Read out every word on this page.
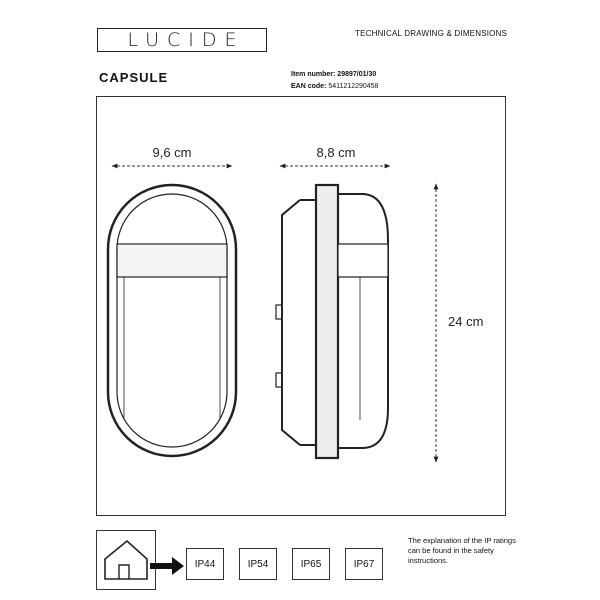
LUCIDE	TECHNICAL DRAWING & DIMENSIONS
CAPSULE	Item number: 29897/01/30
EAN code: 5411212290458
9,6 cm	8,8 cm
24 cm
IP44	IP54	IP65	IP67
The explanation of the IP ratings can be found in the safety instructions.
